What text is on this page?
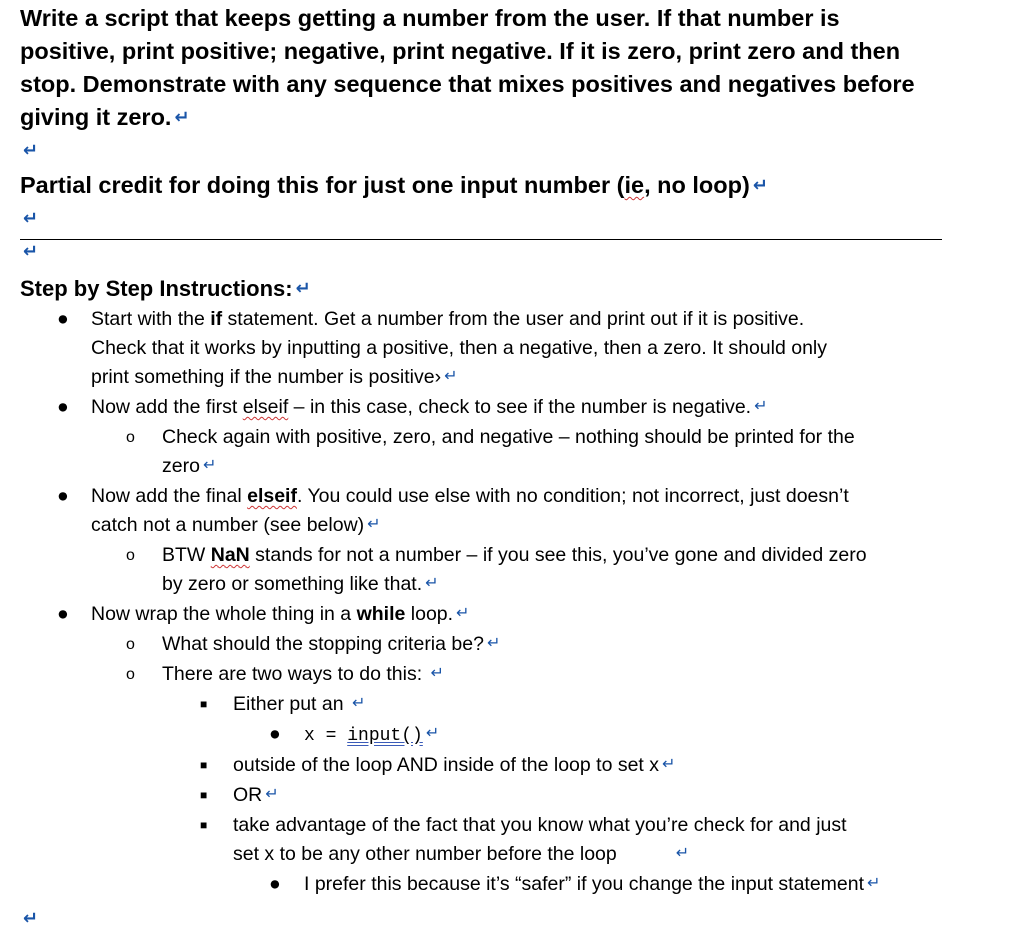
Write a script that keeps getting a number from the user. If that number is

positive, print positive; negative, print negative. If it is zero, print zero and then

stop. Demonstrate with any sequence that mixes positives and negatives before

giving it zero. ↵

↵

Partial credit for doing this for just one input number (ie, no loop) ↵

↵
↵
Step by Step Instructions: ↵
● Start with the if statement. Get a number from the user and print out if it is positive.
Check that it works by inputting a positive, then a negative, then a zero. It should only
print something if the number is positive› ↵
● Now add the first elseif – in this case, check to see if the number is negative. ↵
o Check again with positive, zero, and negative – nothing should be printed for the
zero ↵
● Now add the final elseif. You could use else with no condition; not incorrect, just doesn’t
catch not a number (see below) ↵
o BTW NaN stands for not a number – if you see this, you’ve gone and divided zero
by zero or something like that. ↵
● Now wrap the whole thing in a while loop. ↵
o What should the stopping criteria be? ↵
o There are two ways to do this: ↵
■ Either put an ↵
● x = input() ↵
■ outside of the loop AND inside of the loop to set x ↵
■ OR ↵
■ take advantage of the fact that you know what you’re check for and just
set x to be any other number before the loop	↵
● I prefer this because it’s “safer” if you change the input statement ↵
↵
